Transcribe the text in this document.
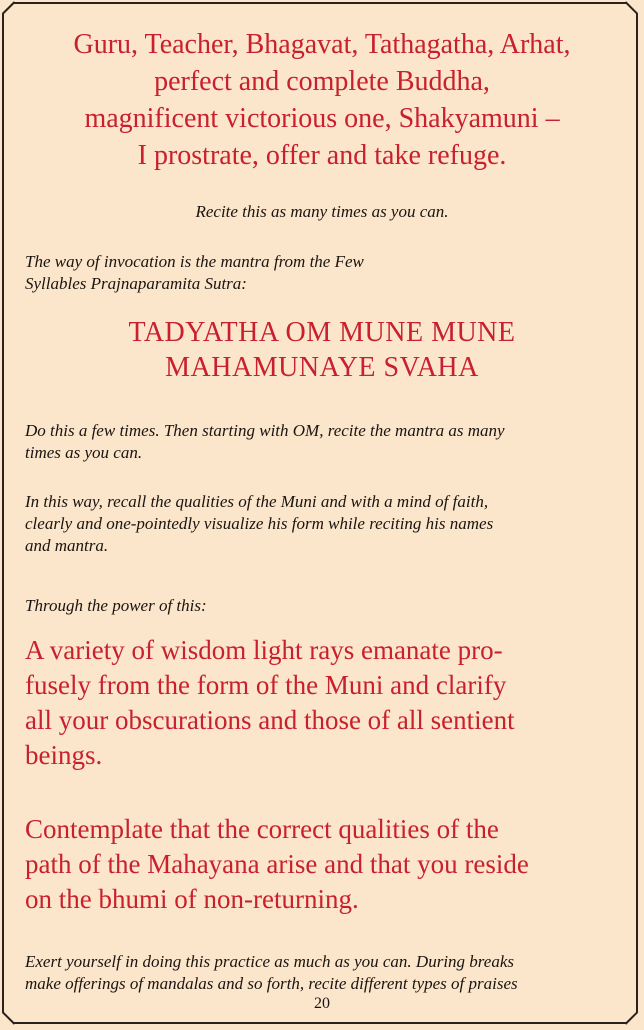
Guru, Teacher, Bhagavat, Tathagatha, Arhat,
perfect and complete Buddha,
magnificent victorious one, Shakyamuni –
I prostrate, offer and take refuge.
Recite this as many times as you can.
The way of invocation is the mantra from the Few
Syllables Prajnaparamita Sutra:
TADYATHA OM MUNE MUNE
MAHAMUNAYE SVAHA
Do this a few times. Then starting with OM, recite the mantra as many
times as you can.
In this way, recall the qualities of the Muni and with a mind of faith,
clearly and one-pointedly visualize his form while reciting his names
and mantra.
Through the power of this:
A variety of wisdom light rays emanate pro-
fusely from the form of the Muni and clarify
all your obscurations and those of all sentient
beings.
Contemplate that the correct qualities of the
path of the Mahayana arise and that you reside
on the bhumi of non-returning.
Exert yourself in doing this practice as much as you can. During breaks
make offerings of mandalas and so forth, recite different types of praises
20
